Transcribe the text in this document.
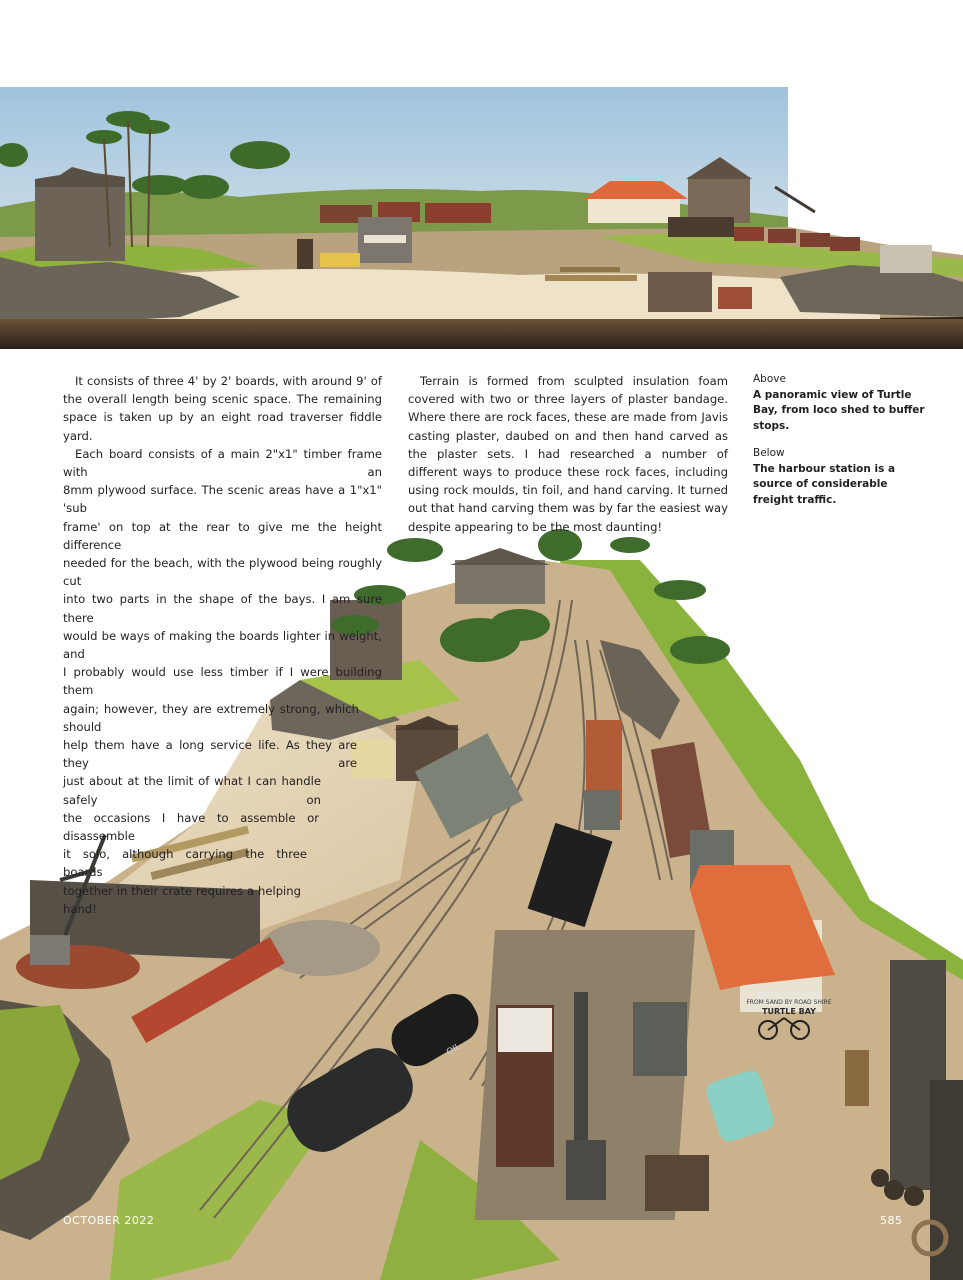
FROM SAND BY ROAD SHIRE
TURTLE BAY
OIL

It consists of three 4' by 2' boards, with around 9' of the overall length being scenic space. The remaining space is taken up by an eight road traverser fiddle yard.

Each board consists of a main 2"x1" timber frame with an
8mm plywood surface. The scenic areas have a 1"x1" 'sub
frame' on top at the rear to give me the height difference
needed for the beach, with the plywood being roughly cut
into two parts in the shape of the bays. I am sure there
would be ways of making the boards lighter in weight, and
I probably would use less timber if I were building them
again; however, they are extremely strong, which should
help them have a long service life. As they are they are
just about at the limit of what I can handle safely on
the occasions I have to assemble or disassemble
it solo, although carrying the three boards
together in their crate requires a helping
hand!

Terrain is formed from sculpted insulation foam covered with two or three layers of plaster bandage. Where there are rock faces, these are made from Javis casting plaster, daubed on and then hand carved as the plaster sets. I had researched a number of different ways to produce these rock faces, including using rock moulds, tin foil, and hand carving. It turned out that hand carving them was by far the easiest way despite appearing to be the most daunting!

Above
A panoramic view of Turtle Bay, from loco shed to buffer stops.
Below
The harbour station is a source of considerable freight traffic.
OCTOBER 2022	585
